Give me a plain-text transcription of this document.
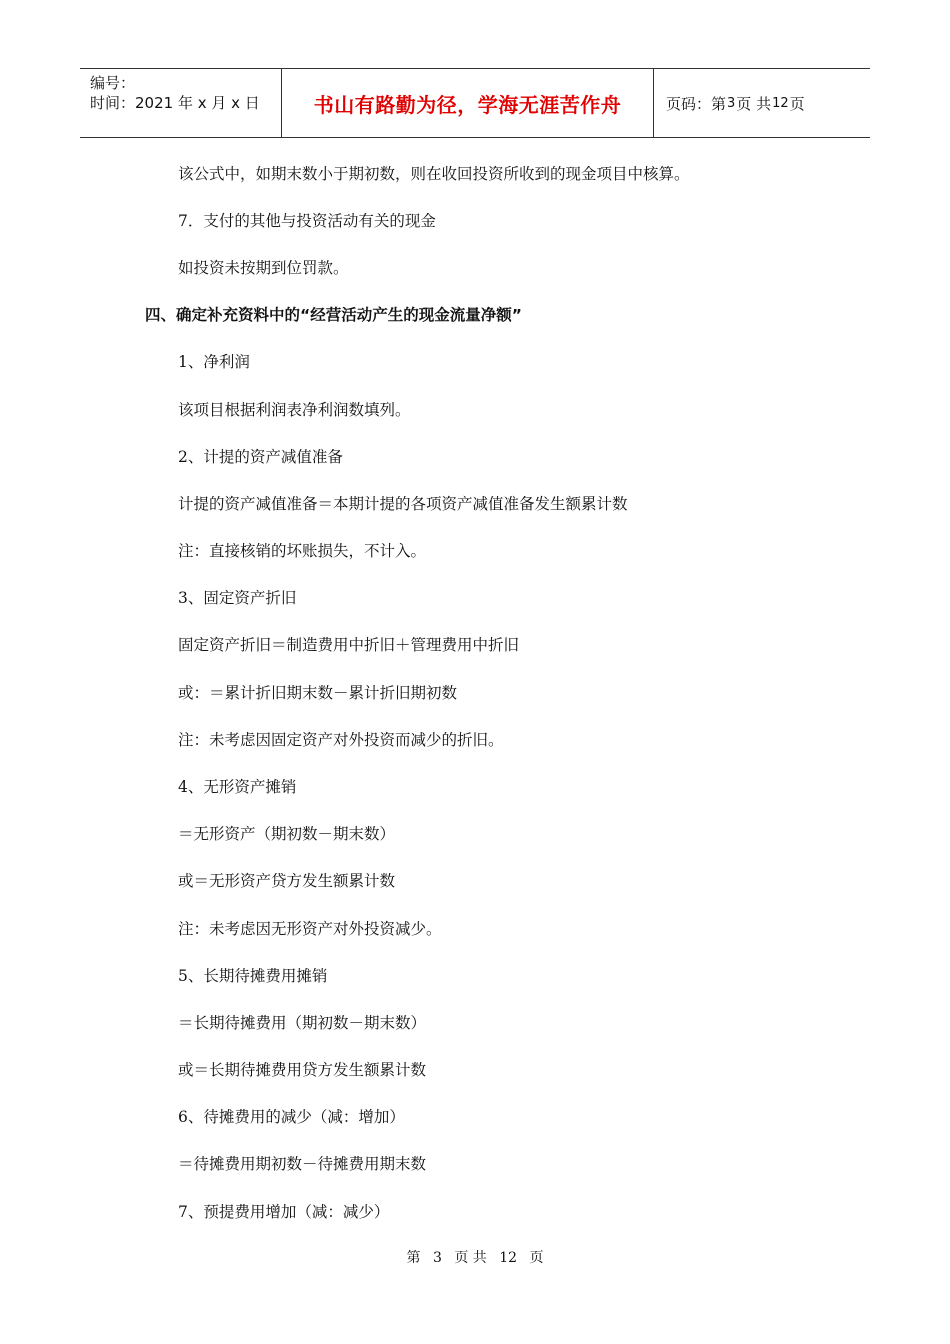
编号：
时间：2021 年 x 月 x 日	书山有路勤为径，学海无涯苦作舟	页码：第 3 页 共 12 页
该公式中，如期末数小于期初数，则在收回投资所收到的现金项目中核算。
7．支付的其他与投资活动有关的现金
如投资未按期到位罚款。
四、确定补充资料中的“经营活动产生的现金流量净额”
1、净利润
该项目根据利润表净利润数填列。
2、计提的资产减值准备
计提的资产减值准备＝本期计提的各项资产减值准备发生额累计数
注：直接核销的坏账损失，不计入。
3、固定资产折旧
固定资产折旧＝制造费用中折旧＋管理费用中折旧
或：＝累计折旧期末数－累计折旧期初数
注：未考虑因固定资产对外投资而减少的折旧。
4、无形资产摊销
＝无形资产（期初数－期末数）
或＝无形资产贷方发生额累计数
注：未考虑因无形资产对外投资减少。
5、长期待摊费用摊销
＝长期待摊费用（期初数－期末数）
或＝长期待摊费用贷方发生额累计数
6、待摊费用的减少（减：增加）
＝待摊费用期初数－待摊费用期末数
7、预提费用增加（减：减少）
第 3 页 共 12 页
